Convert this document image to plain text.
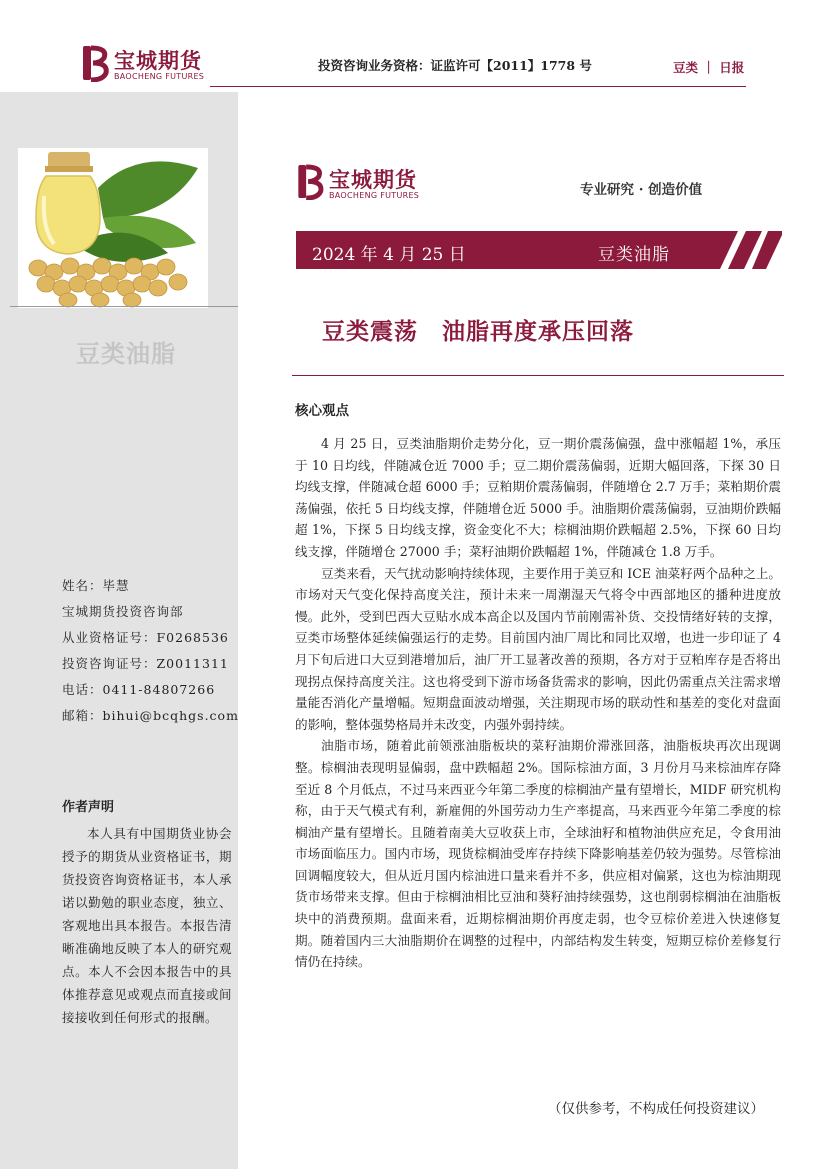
宝城期货
BAOCHENG FUTURES
投资咨询业务资格：证监许可【2011】1778 号	豆类 ｜ 日报
豆类油脂
姓名：毕慧
宝城期货投资咨询部
从业资格证号：F0268536
投资咨询证号：Z0011311
电话：0411-84807266
邮箱：bihui@bcqhgs.com
作者声明
本人具有中国期货业协会授予的期货从业资格证书，期货投资咨询资格证书，本人承诺以勤勉的职业态度，独立、客观地出具本报告。本报告清晰准确地反映了本人的研究观点。本人不会因本报告中的具体推荐意见或观点而直接或间接接收到任何形式的报酬。
宝城期货
BAOCHENG FUTURES	专业研究 · 创造价值
2024 年 4 月 25 日	豆类油脂
豆类震荡　油脂再度承压回落
核心观点

4 月 25 日，豆类油脂期价走势分化，豆一期价震荡偏强，盘中涨幅超 1%，承压于 10 日均线，伴随减仓近 7000 手；豆二期价震荡偏弱，近期大幅回落，下探 30 日均线支撑，伴随减仓超 6000 手；豆粕期价震荡偏弱，伴随增仓 2.7 万手；菜粕期价震荡偏强，依托 5 日均线支撑，伴随增仓近 5000 手。油脂期价震荡偏弱，豆油期价跌幅超 1%，下探 5 日均线支撑，资金变化不大；棕榈油期价跌幅超 2.5%，下探 60 日均线支撑，伴随增仓 27000 手；菜籽油期价跌幅超 1%，伴随减仓 1.8 万手。

豆类来看，天气扰动影响持续体现，主要作用于美豆和 ICE 油菜籽两个品种之上。市场对天气变化保持高度关注，预计未来一周潮湿天气将令中西部地区的播种进度放慢。此外，受到巴西大豆贴水成本高企以及国内节前刚需补货、交投情绪好转的支撑，豆类市场整体延续偏强运行的走势。目前国内油厂周比和同比双增，也进一步印证了 4 月下旬后进口大豆到港增加后，油厂开工显著改善的预期，各方对于豆粕库存是否将出现拐点保持高度关注。这也将受到下游市场备货需求的影响，因此仍需重点关注需求增量能否消化产量增幅。短期盘面波动增强，关注期现市场的联动性和基差的变化对盘面的影响，整体强势格局并未改变，内强外弱持续。

油脂市场，随着此前领涨油脂板块的菜籽油期价滞涨回落，油脂板块再次出现调整。棕榈油表现明显偏弱，盘中跌幅超 2%。国际棕油方面，3 月份月马来棕油库存降至近 8 个月低点，不过马来西亚今年第二季度的棕榈油产量有望增长，MIDF 研究机构称，由于天气模式有利，新雇佣的外国劳动力生产率提高，马来西亚今年第二季度的棕榈油产量有望增长。且随着南美大豆收获上市，全球油籽和植物油供应充足，令食用油市场面临压力。国内市场，现货棕榈油受库存持续下降影响基差仍较为强势。尽管棕油回调幅度较大，但从近月国内棕油进口量来看并不多，供应相对偏紧，这也为棕油期现货市场带来支撑。但由于棕榈油相比豆油和葵籽油持续强势，这也削弱棕榈油在油脂板块中的消费预期。盘面来看，近期棕榈油期价再度走弱，也令豆棕价差进入快速修复期。随着国内三大油脂期价在调整的过程中，内部结构发生转变，短期豆棕价差修复行情仍在持续。

（仅供参考，不构成任何投资建议）
